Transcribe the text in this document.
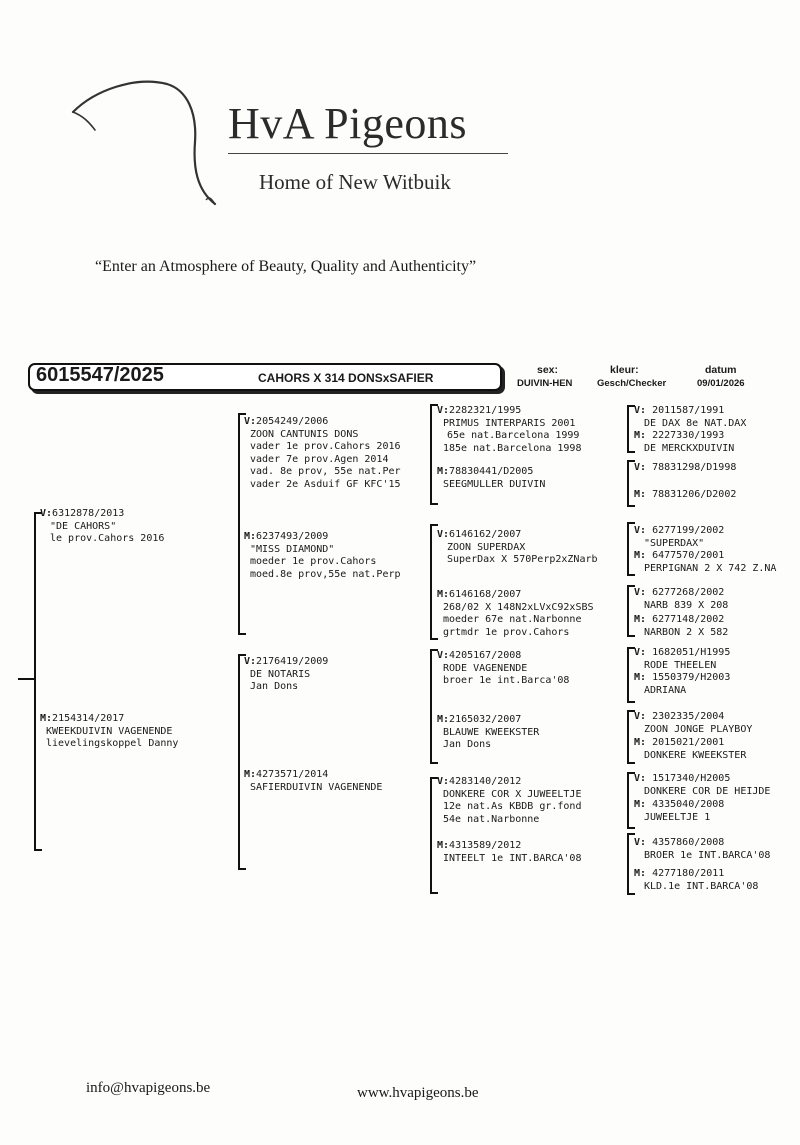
HvA Pigeons
Home of New Witbuik
“Enter an Atmosphere of Beauty, Quality and Authenticity”
6015547/2025	CAHORS X 314 DONSxSAFIER
sex:
DUIVIN-HEN
kleur:
Gesch/Checker
datum
09/01/2026
V:6312878/2013
"DE CAHORS"
le prov.Cahors 2016
M:2154314/2017
KWEEKDUIVIN VAGENENDE
lievelingskoppel Danny
V:2054249/2006
ZOON CANTUNIS DONS
vader 1e prov.Cahors 2016
vader 7e prov.Agen 2014
vad. 8e prov, 55e nat.Per
vader 2e Asduif GF KFC'15
M:6237493/2009
"MISS DIAMOND"
moeder 1e prov.Cahors
moed.8e prov,55e nat.Perp
V:2176419/2009
DE NOTARIS
Jan Dons
M:4273571/2014
SAFIERDUIVIN VAGENENDE
V:2282321/1995
PRIMUS INTERPARIS 2001
65e nat.Barcelona 1999
185e nat.Barcelona 1998
M:78830441/D2005
SEEGMULLER DUIVIN
V:6146162/2007
ZOON SUPERDAX
SuperDax X 570Perp2xZNarb
M:6146168/2007
268/02 X 148N2xLVxC92xSBS
moeder 67e nat.Narbonne
grtmdr 1e prov.Cahors
V:4205167/2008
RODE VAGENENDE
broer 1e int.Barca'08
M:2165032/2007
BLAUWE KWEEKSTER
Jan Dons
V:4283140/2012
DONKERE COR X JUWEELTJE
12e nat.As KBDB gr.fond
54e nat.Narbonne
M:4313589/2012
INTEELT 1e INT.BARCA'08
V: 2011587/1991
DE DAX 8e NAT.DAX
M: 2227330/1993
DE MERCKXDUIVIN
V: 78831298/D1998
M: 78831206/D2002
V: 6277199/2002
"SUPERDAX"
M: 6477570/2001
PERPIGNAN 2 X 742 Z.NA
V: 6277268/2002
NARB 839 X 208
M: 6277148/2002
NARBON 2 X 582
V: 1682051/H1995
RODE THEELEN
M: 1550379/H2003
ADRIANA
V: 2302335/2004
ZOON JONGE PLAYBOY
M: 2015021/2001
DONKERE KWEEKSTER
V: 1517340/H2005
DONKERE COR DE HEIJDE
M: 4335040/2008
JUWEELTJE 1
V: 4357860/2008
BROER 1e INT.BARCA'08
M: 4277180/2011
KLD.1e INT.BARCA'08
info@hvapigeons.be	www.hvapigeons.be
